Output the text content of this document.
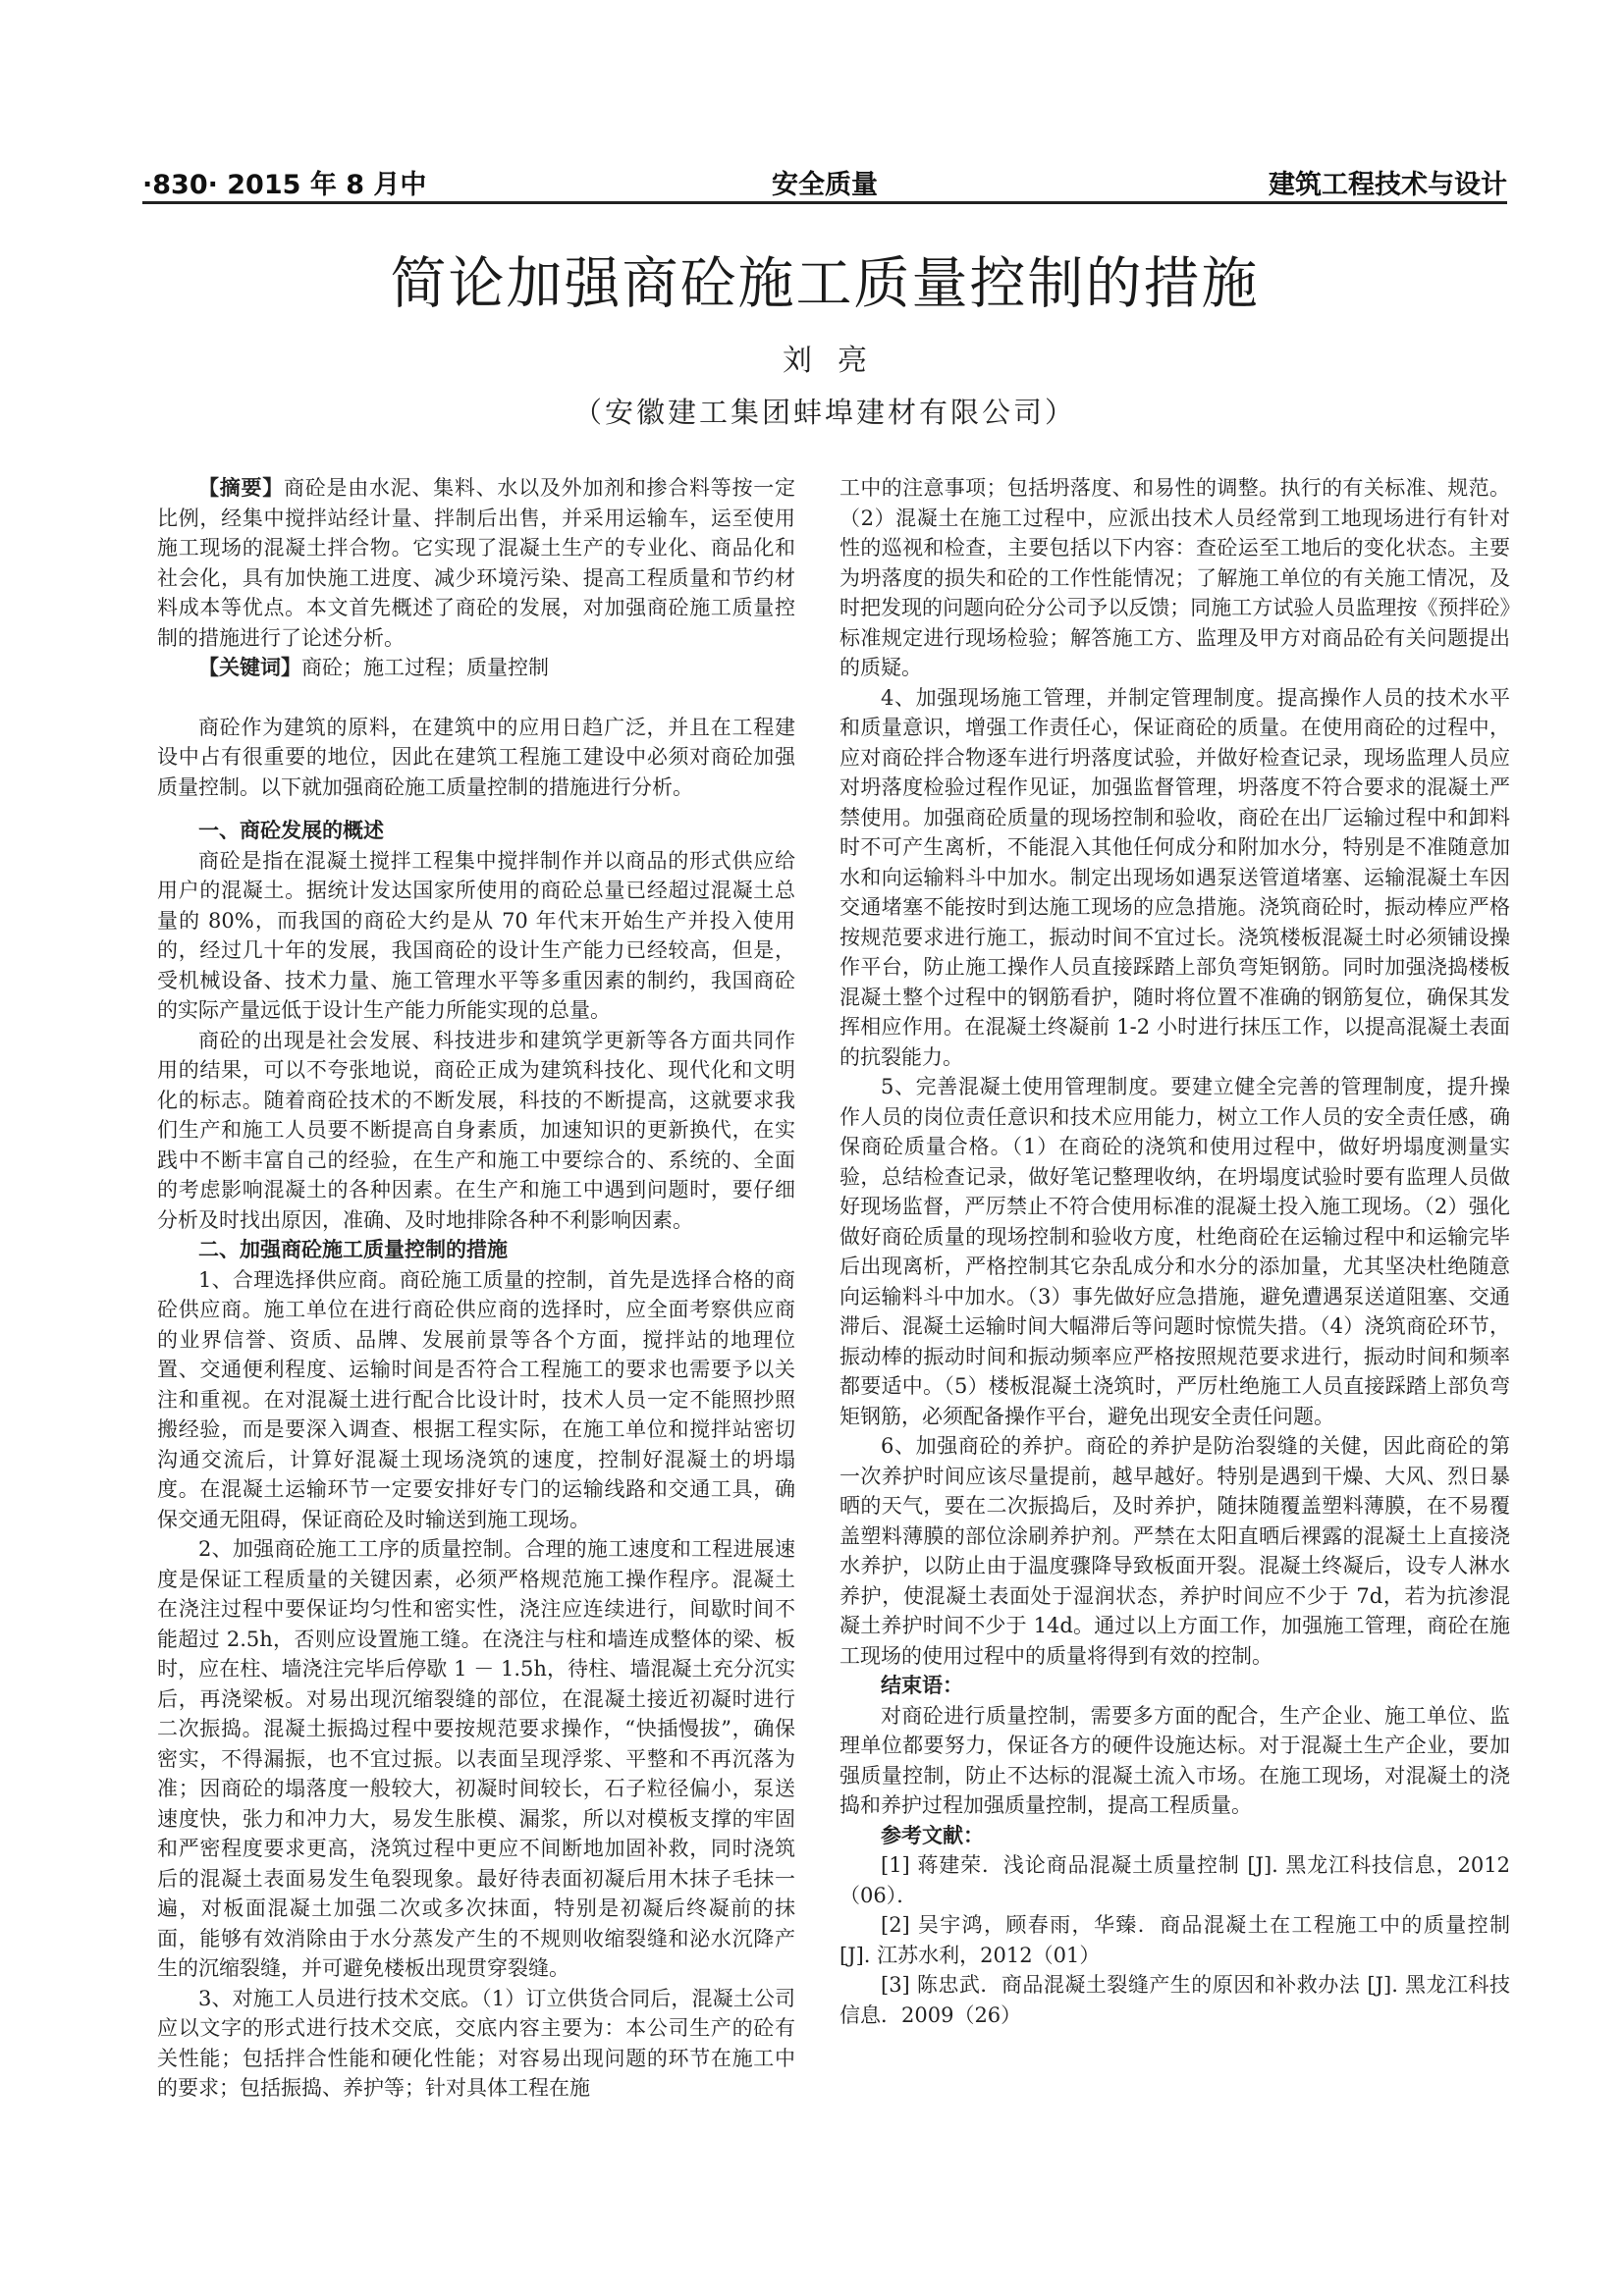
·830· 2015 年 8 月中	安全质量	建筑工程技术与设计
简论加强商砼施工质量控制的措施
刘亮
（安徽建工集团蚌埠建材有限公司）

【摘要】商砼是由水泥、集料、水以及外加剂和掺合料等按一定比例，经集中搅拌站经计量、拌制后出售，并采用运输车，运至使用施工现场的混凝土拌合物。它实现了混凝土生产的专业化、商品化和社会化，具有加快施工进度、减少环境污染、提高工程质量和节约材料成本等优点。本文首先概述了商砼的发展，对加强商砼施工质量控制的措施进行了论述分析。

【关键词】商砼；施工过程；质量控制

商砼作为建筑的原料，在建筑中的应用日趋广泛，并且在工程建设中占有很重要的地位，因此在建筑工程施工建设中必须对商砼加强质量控制。以下就加强商砼施工质量控制的措施进行分析。

一、商砼发展的概述

商砼是指在混凝土搅拌工程集中搅拌制作并以商品的形式供应给用户的混凝土。据统计发达国家所使用的商砼总量已经超过混凝土总量的 80%，而我国的商砼大约是从 70 年代末开始生产并投入使用的，经过几十年的发展，我国商砼的设计生产能力已经较高，但是，受机械设备、技术力量、施工管理水平等多重因素的制约，我国商砼的实际产量远低于设计生产能力所能实现的总量。

商砼的出现是社会发展、科技进步和建筑学更新等各方面共同作用的结果，可以不夸张地说，商砼正成为建筑科技化、现代化和文明化的标志。随着商砼技术的不断发展，科技的不断提高，这就要求我们生产和施工人员要不断提高自身素质，加速知识的更新换代，在实践中不断丰富自己的经验，在生产和施工中要综合的、系统的、全面的考虑影响混凝土的各种因素。在生产和施工中遇到问题时，要仔细分析及时找出原因，准确、及时地排除各种不利影响因素。

二、加强商砼施工质量控制的措施

1、合理选择供应商。商砼施工质量的控制，首先是选择合格的商砼供应商。施工单位在进行商砼供应商的选择时，应全面考察供应商的业界信誉、资质、品牌、发展前景等各个方面，搅拌站的地理位置、交通便利程度、运输时间是否符合工程施工的要求也需要予以关注和重视。在对混凝土进行配合比设计时，技术人员一定不能照抄照搬经验，而是要深入调查、根据工程实际，在施工单位和搅拌站密切沟通交流后，计算好混凝土现场浇筑的速度，控制好混凝土的坍塌度。在混凝土运输环节一定要安排好专门的运输线路和交通工具，确保交通无阻碍，保证商砼及时输送到施工现场。

2、加强商砼施工工序的质量控制。合理的施工速度和工程进展速度是保证工程质量的关键因素，必须严格规范施工操作程序。混凝土在浇注过程中要保证均匀性和密实性，浇注应连续进行，间歇时间不能超过 2.5h，否则应设置施工缝。在浇注与柱和墙连成整体的梁、板时，应在柱、墙浇注完毕后停歇 1 － 1.5h，待柱、墙混凝土充分沉实后，再浇梁板。对易出现沉缩裂缝的部位，在混凝土接近初凝时进行二次振捣。混凝土振捣过程中要按规范要求操作，“快插慢拔”，确保密实，不得漏振，也不宜过振。以表面呈现浮浆、平整和不再沉落为准；因商砼的塌落度一般较大，初凝时间较长，石子粒径偏小，泵送速度快，张力和冲力大，易发生胀模、漏浆，所以对模板支撑的牢固和严密程度要求更高，浇筑过程中更应不间断地加固补救，同时浇筑后的混凝土表面易发生龟裂现象。最好待表面初凝后用木抹子毛抹一遍，对板面混凝土加强二次或多次抹面，特别是初凝后终凝前的抹面，能够有效消除由于水分蒸发产生的不规则收缩裂缝和泌水沉降产生的沉缩裂缝，并可避免楼板出现贯穿裂缝。

3、对施工人员进行技术交底。（1）订立供货合同后，混凝土公司应以文字的形式进行技术交底，交底内容主要为：本公司生产的砼有关性能；包括拌合性能和硬化性能；对容易出现问题的环节在施工中的要求；包括振捣、养护等；针对具体工程在施

工中的注意事项；包括坍落度、和易性的调整。执行的有关标准、规范。（2）混凝土在施工过程中，应派出技术人员经常到工地现场进行有针对性的巡视和检查，主要包括以下内容：查砼运至工地后的变化状态。主要为坍落度的损失和砼的工作性能情况；了解施工单位的有关施工情况，及时把发现的问题向砼分公司予以反馈；同施工方试验人员监理按《预拌砼》标准规定进行现场检验；解答施工方、监理及甲方对商品砼有关问题提出的质疑。

4、加强现场施工管理，并制定管理制度。提高操作人员的技术水平和质量意识，增强工作责任心，保证商砼的质量。在使用商砼的过程中，应对商砼拌合物逐车进行坍落度试验，并做好检查记录，现场监理人员应对坍落度检验过程作见证，加强监督管理，坍落度不符合要求的混凝土严禁使用。加强商砼质量的现场控制和验收，商砼在出厂运输过程中和卸料时不可产生离析，不能混入其他任何成分和附加水分，特别是不准随意加水和向运输料斗中加水。制定出现场如遇泵送管道堵塞、运输混凝土车因交通堵塞不能按时到达施工现场的应急措施。浇筑商砼时，振动棒应严格按规范要求进行施工，振动时间不宜过长。浇筑楼板混凝土时必须铺设操作平台，防止施工操作人员直接踩踏上部负弯矩钢筋。同时加强浇捣楼板混凝土整个过程中的钢筋看护，随时将位置不准确的钢筋复位，确保其发挥相应作用。在混凝土终凝前 1-2 小时进行抹压工作，以提高混凝土表面的抗裂能力。

5、完善混凝土使用管理制度。要建立健全完善的管理制度，提升操作人员的岗位责任意识和技术应用能力，树立工作人员的安全责任感，确保商砼质量合格。（1）在商砼的浇筑和使用过程中，做好坍塌度测量实验，总结检查记录，做好笔记整理收纳，在坍塌度试验时要有监理人员做好现场监督，严厉禁止不符合使用标准的混凝土投入施工现场。（2）强化做好商砼质量的现场控制和验收方度，杜绝商砼在运输过程中和运输完毕后出现离析，严格控制其它杂乱成分和水分的添加量，尤其坚决杜绝随意向运输料斗中加水。（3）事先做好应急措施，避免遭遇泵送道阻塞、交通滞后、混凝土运输时间大幅滞后等问题时惊慌失措。（4）浇筑商砼环节，振动棒的振动时间和振动频率应严格按照规范要求进行，振动时间和频率都要适中。（5）楼板混凝土浇筑时，严厉杜绝施工人员直接踩踏上部负弯矩钢筋，必须配备操作平台，避免出现安全责任问题。

6、加强商砼的养护。商砼的养护是防治裂缝的关健，因此商砼的第一次养护时间应该尽量提前，越早越好。特别是遇到干燥、大风、烈日暴晒的天气，要在二次振捣后，及时养护，随抹随覆盖塑料薄膜，在不易覆盖塑料薄膜的部位涂刷养护剂。严禁在太阳直晒后裸露的混凝土上直接浇水养护，以防止由于温度骤降导致板面开裂。混凝土终凝后，设专人淋水养护，使混凝土表面处于湿润状态，养护时间应不少于 7d，若为抗渗混凝土养护时间不少于 14d。通过以上方面工作，加强施工管理，商砼在施工现场的使用过程中的质量将得到有效的控制。

结束语：

对商砼进行质量控制，需要多方面的配合，生产企业、施工单位、监理单位都要努力，保证各方的硬件设施达标。对于混凝土生产企业，要加强质量控制，防止不达标的混凝土流入市场。在施工现场，对混凝土的浇捣和养护过程加强质量控制，提高工程质量。

参考文献：

[1] 蒋建荣．浅论商品混凝土质量控制 [J]. 黑龙江科技信息，2012（06）．

[2] 吴宇鸿，顾春雨，华臻．商品混凝土在工程施工中的质量控制 [J]. 江苏水利，2012（01）

[3] 陈忠武．商品混凝土裂缝产生的原因和补救办法 [J]. 黑龙江科技信息．2009（26）
